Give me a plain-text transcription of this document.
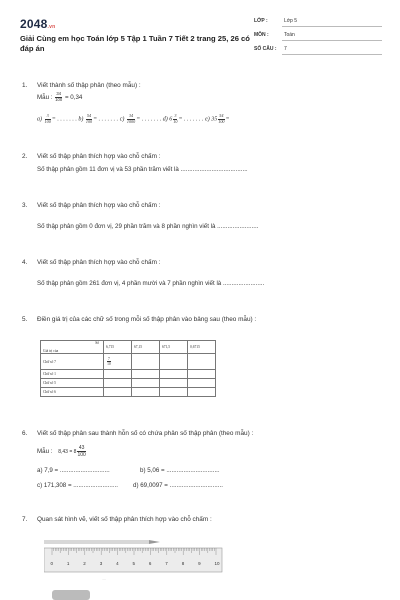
2048.vn
Giải Cùng em học Toán lớp 5 Tập 1 Tuần 7 Tiết 2 trang 25, 26 có đáp án
LỚP :	Lớp 5
MÔN :	Toán
SỐ CÂU : 7
1. Viết thành số thập phân (theo mẫu) :
Mẫu : $\frac{34}{100} = 0,34$
$a) \frac{3}{100}$ = . . . . . . . $b) \frac{54}{100}$ = . . . . . . . $c) \frac{34}{1000}$ = . . . . . . . d) $6 \frac{3}{10}$ = . . . . . . . e) $35 \frac{54}{100}$ =
2. Viết số thập phân thích hợp vào chỗ chấm :
Số thập phân gồm 11 đơn vị và 53 phần trăm viết là .......................................
3. Viết số thập phân thích hợp vào chỗ chấm :
Số thập phân gồm 0 đơn vị, 29 phần trăm và 8 phần nghìn viết là ........................
4. Viết số thập phân thích hợp vào chỗ chấm :
Số thập phân gồm 261 đơn vị, 4 phần mười và 7 phần nghìn viết là ........................
5. Điền giá trị của các chữ số trong mỗi số thập phân vào bảng sau (theo mẫu) :
Số
Giá trị của	6,715	67,15	671,5	0,6715
Chữ số 7	$\frac{7}{10}$

Chữ số 1				
Chữ số 5				
Chữ số 6				
6. Viết số thập phân sau thành hỗn số có chứa phân số thập phân (theo mẫu) :
Mẫu : $8,43 = 8 \frac{43}{100}$
a) 7,9 = .............................	b) 5,06 = ...............................
c) 171,308 = .......................... d) 69,0097 = ...............................
7. Quan sát hình vẽ, viết số thập phân thích hợp vào chỗ chấm :
0	1	2	3	4	5	6	7	8	9	10
.....
